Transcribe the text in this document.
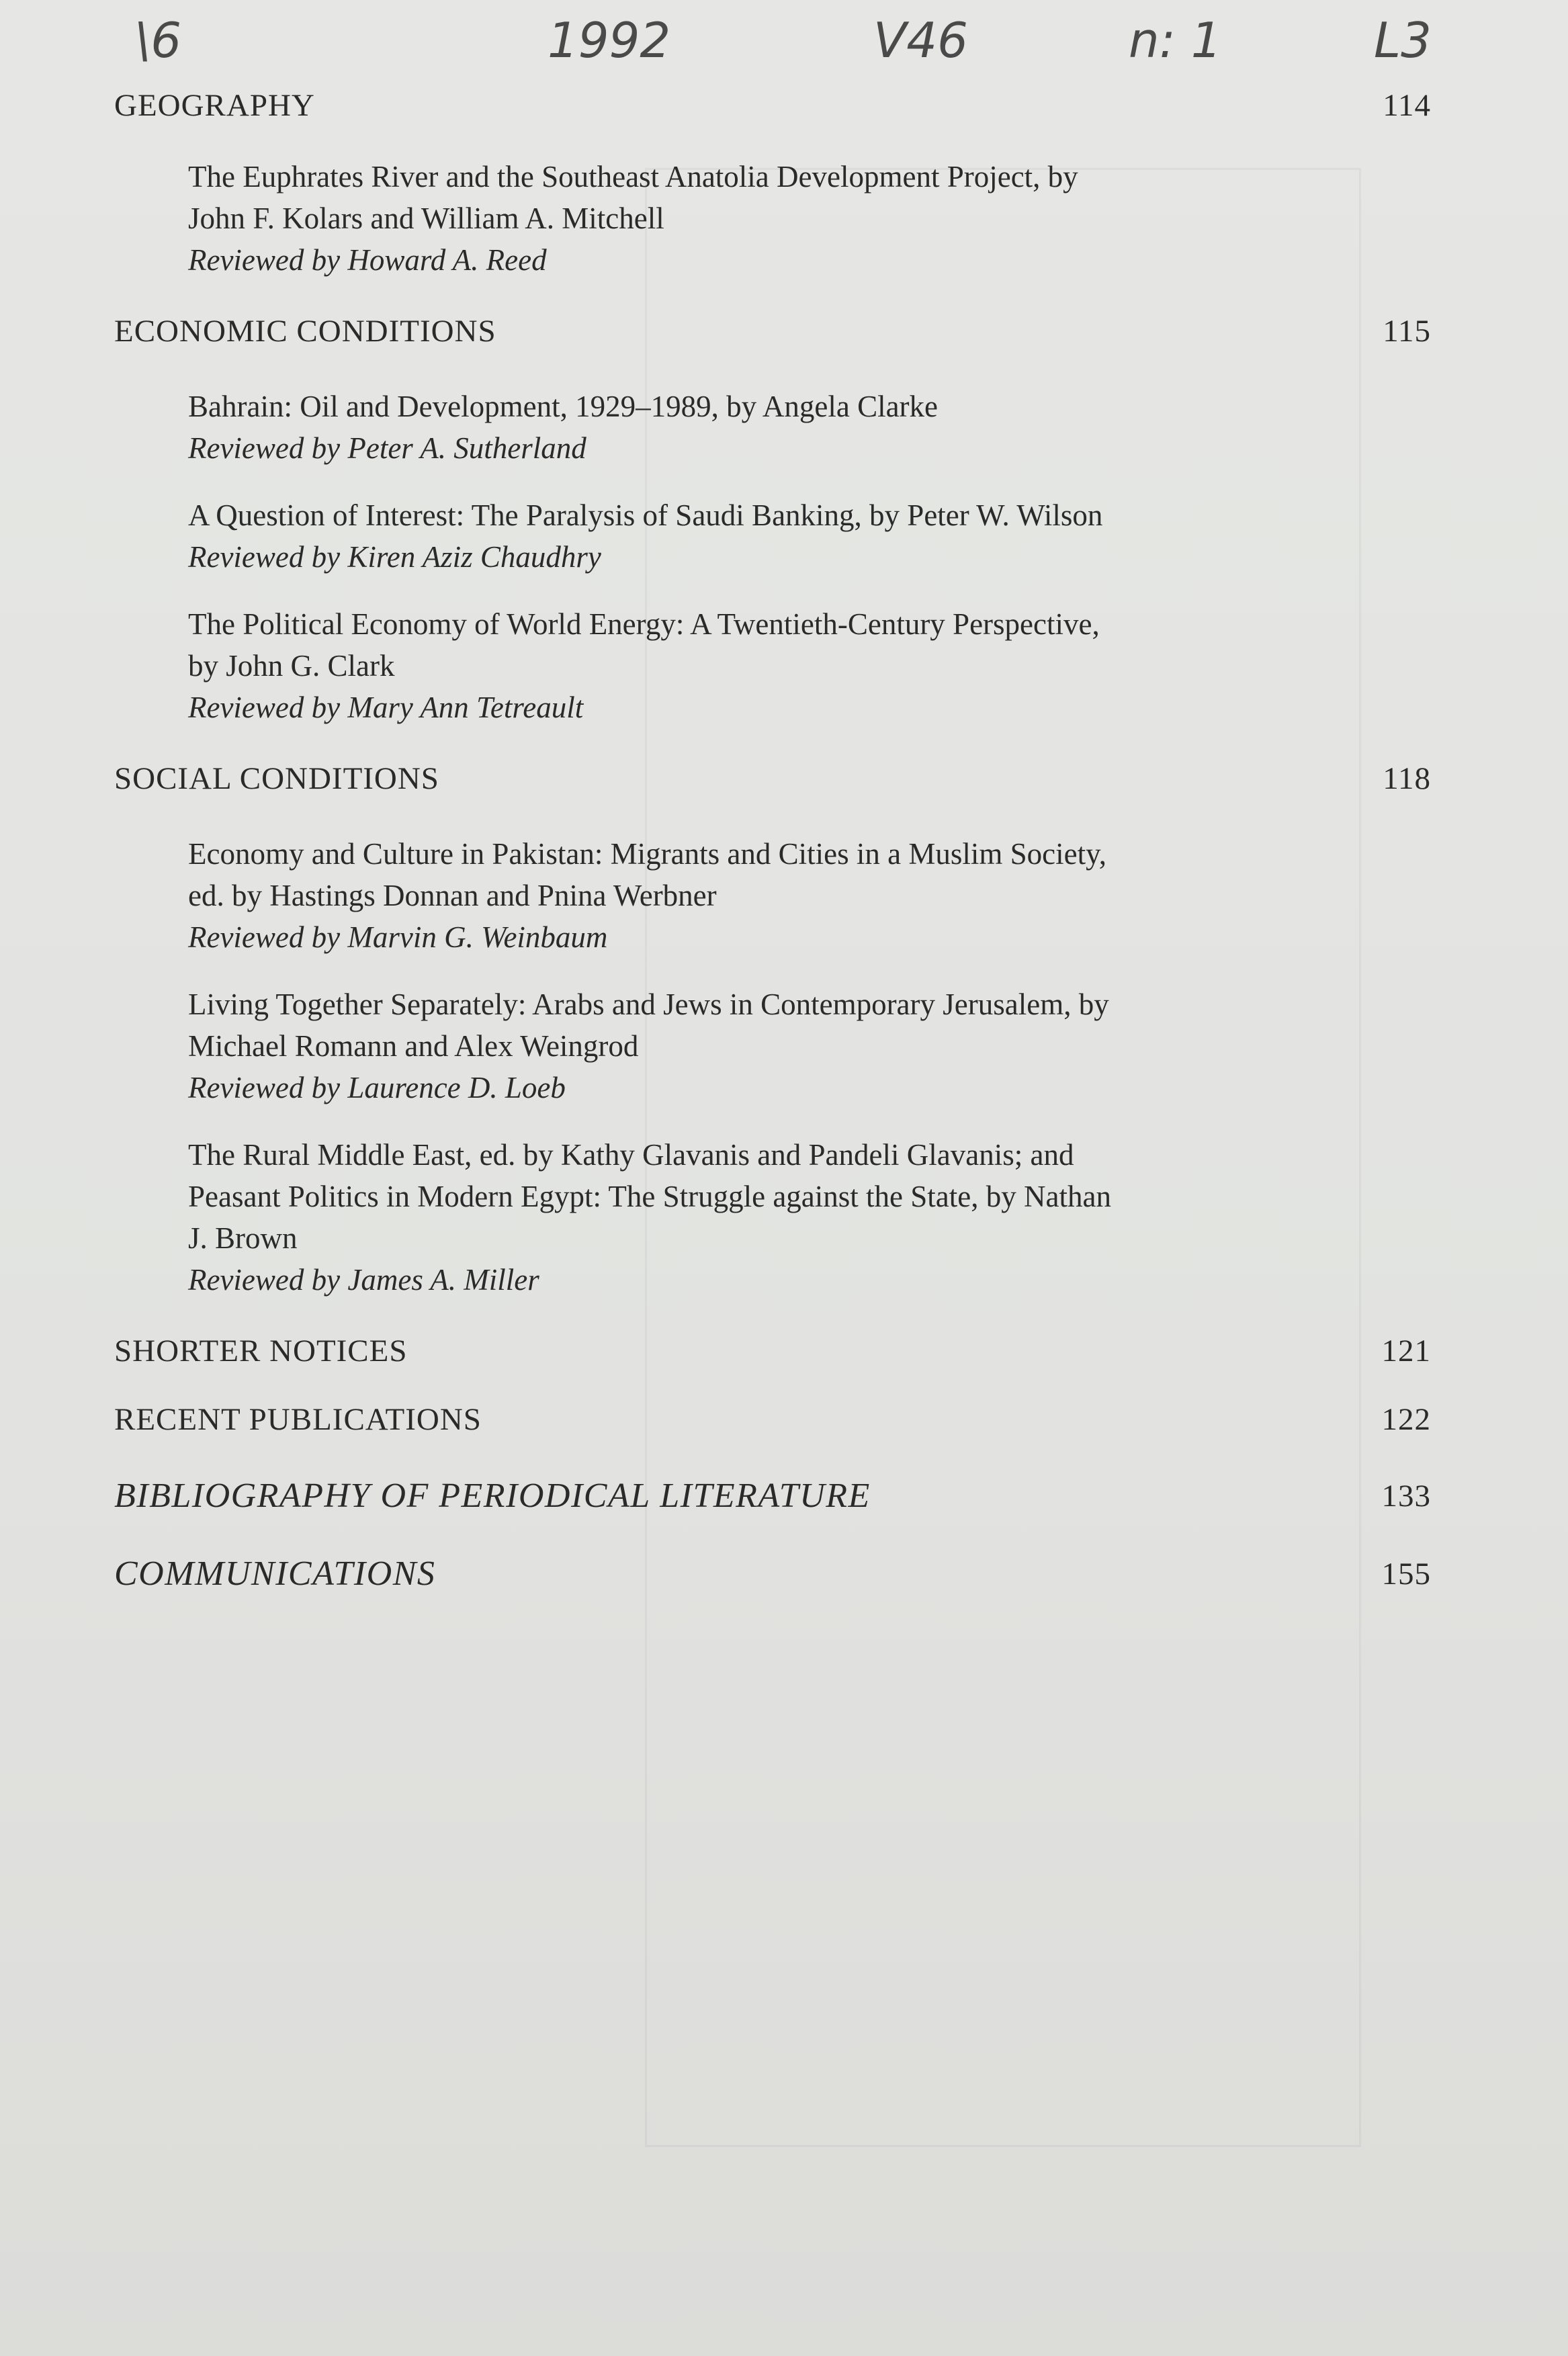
\6	1992	V46	n: 1	L3
GEOGRAPHY	114
The Euphrates River and the Southeast Anatolia Development Project, by
John F. Kolars and William A. Mitchell
Reviewed by Howard A. Reed
ECONOMIC CONDITIONS	115
Bahrain: Oil and Development, 1929–1989, by Angela Clarke
Reviewed by Peter A. Sutherland
A Question of Interest: The Paralysis of Saudi Banking, by Peter W. Wilson
Reviewed by Kiren Aziz Chaudhry
The Political Economy of World Energy: A Twentieth-Century Perspective,
by John G. Clark
Reviewed by Mary Ann Tetreault
SOCIAL CONDITIONS	118
Economy and Culture in Pakistan: Migrants and Cities in a Muslim Society,
ed. by Hastings Donnan and Pnina Werbner
Reviewed by Marvin G. Weinbaum
Living Together Separately: Arabs and Jews in Contemporary Jerusalem, by
Michael Romann and Alex Weingrod
Reviewed by Laurence D. Loeb
The Rural Middle East, ed. by Kathy Glavanis and Pandeli Glavanis; and
Peasant Politics in Modern Egypt: The Struggle against the State, by Nathan
J. Brown
Reviewed by James A. Miller
SHORTER NOTICES	121
RECENT PUBLICATIONS	122
BIBLIOGRAPHY OF PERIODICAL LITERATURE	133
COMMUNICATIONS	155
